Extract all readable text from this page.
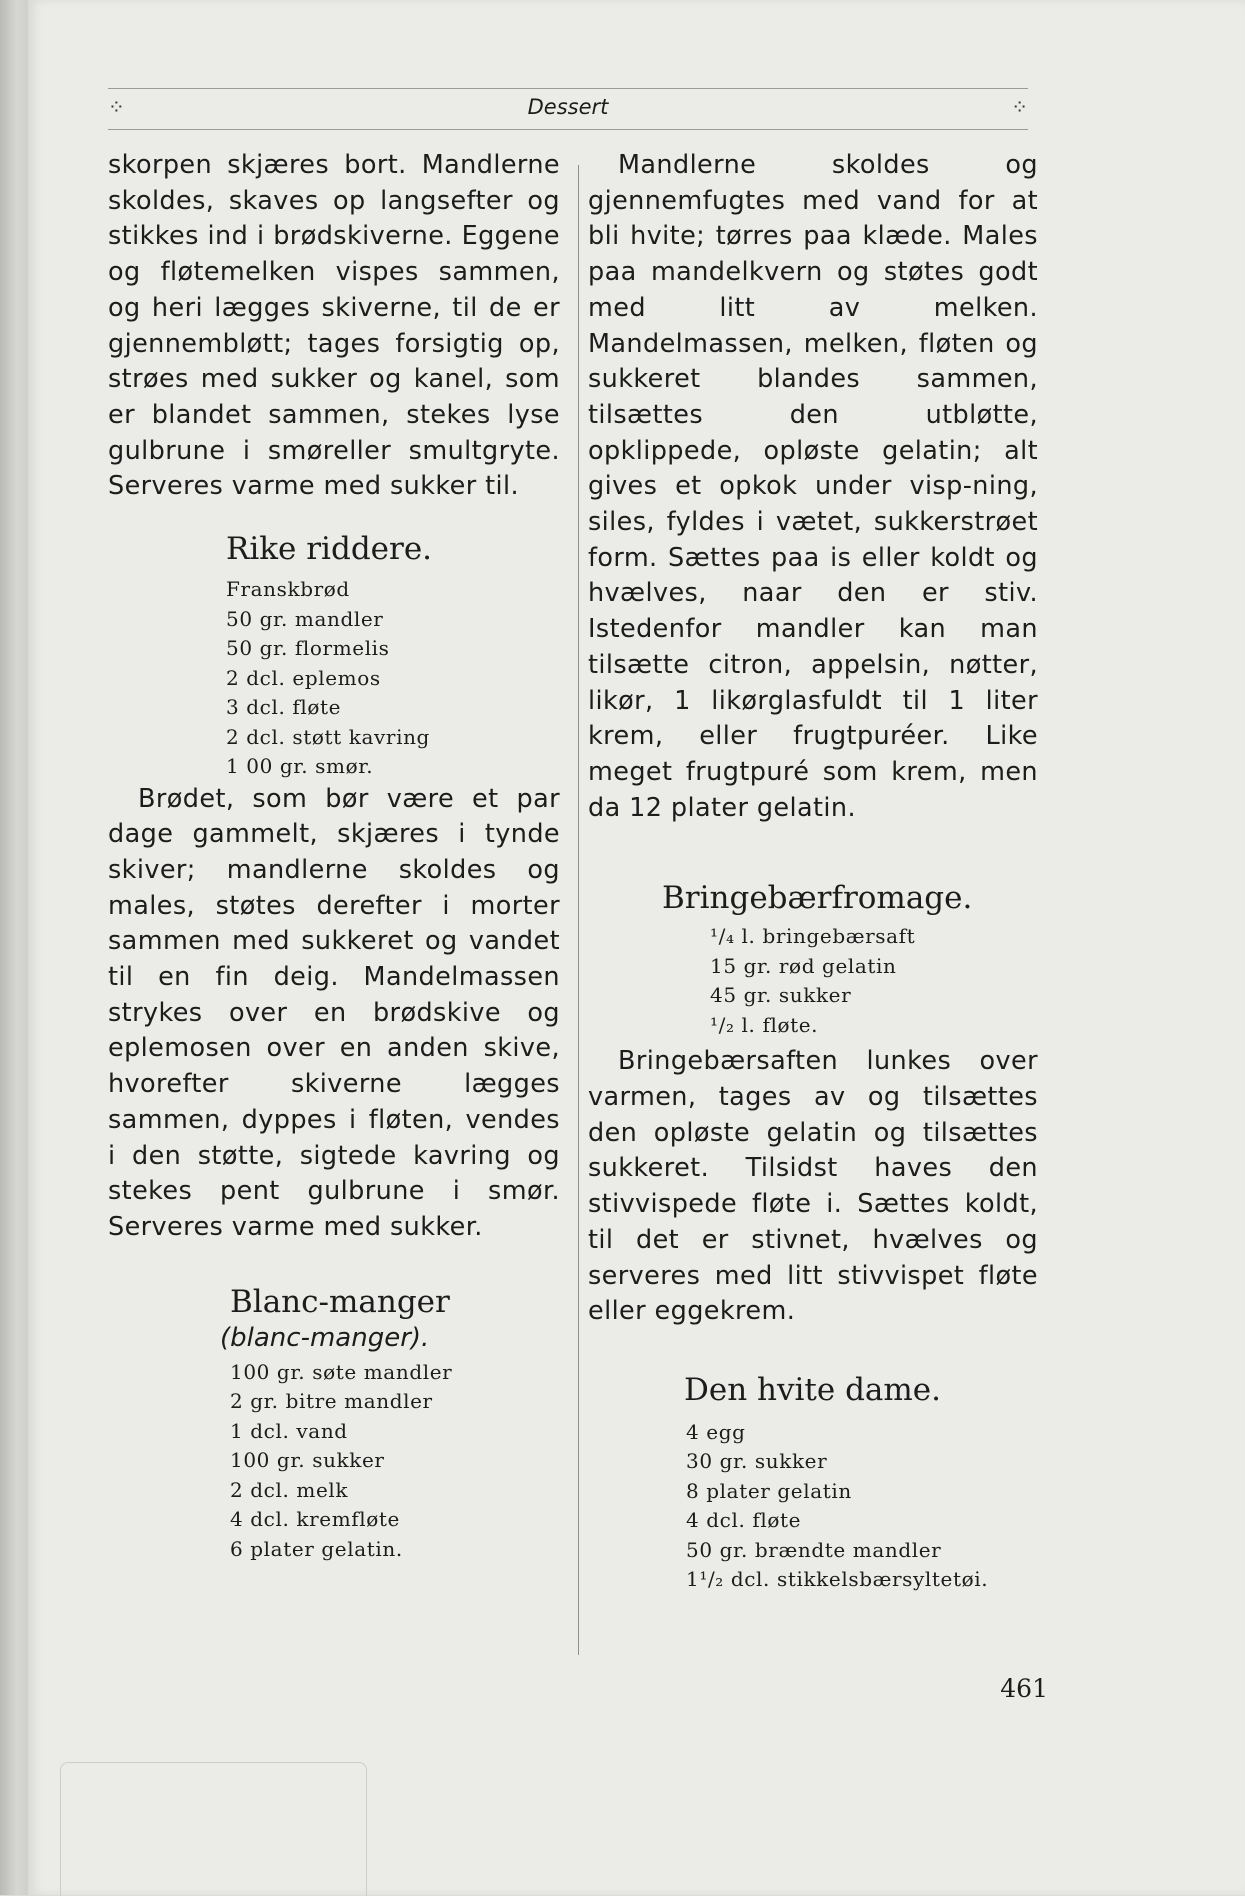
⁘	Dessert	⁘

skorpen skjæres bort. Mandlerne skoldes, skaves op langsefter og stikkes ind i brødskiverne. Eggene og fløtemelken vispes sammen, og heri lægges skiverne, til de er gjennembløtt; tages forsigtig op, strøes med sukker og kanel, som er blandet sammen, stekes lyse gulbrune i smøreller smultgryte. Serveres varme med sukker til.

Rike riddere.
Franskbrød
50 gr. mandler
50 gr. flormelis
2 dcl. eplemos
3 dcl. fløte
2 dcl. støtt kavring
1 00 gr. smør.

Brødet, som bør være et par dage gammelt, skjæres i tynde skiver; mandlerne skoldes og males, støtes derefter i morter sammen med sukkeret og vandet til en fin deig. Mandelmassen strykes over en brødskive og eplemosen over en anden skive, hvorefter skiverne lægges sammen, dyppes i fløten, vendes i den støtte, sigtede kavring og stekes pent gulbrune i smør. Serveres varme med sukker.

Blanc-manger

(blanc-manger).

100 gr. søte mandler
2 gr. bitre mandler
1 dcl. vand
100 gr. sukker
2 dcl. melk
4 dcl. kremfløte
6 plater gelatin.

Mandlerne skoldes og gjennemfugtes med vand for at bli hvite; tørres paa klæde. Males paa mandelkvern og støtes godt med litt av melken. Mandelmassen, melken, fløten og sukkeret blandes sammen, tilsættes den utbløtte, opklippede, opløste gelatin; alt gives et opkok under visp-ning, siles, fyldes i vætet, sukkerstrøet form. Sættes paa is eller koldt og hvælves, naar den er stiv. Istedenfor mandler kan man tilsætte citron, appelsin, nøtter, likør, 1 likørglasfuldt til 1 liter krem, eller frugtpuréer. Like meget frugtpuré som krem, men da 12 plater gelatin.

Bringebærfromage.
¹/₄ l. bringebærsaft
15 gr. rød gelatin
45 gr. sukker
¹/₂ l. fløte.

Bringebærsaften lunkes over varmen, tages av og tilsættes den opløste gelatin og tilsættes sukkeret. Tilsidst haves den stivvispede fløte i. Sættes koldt, til det er stivnet, hvælves og serveres med litt stivvispet fløte eller eggekrem.

Den hvite dame.
4 egg
30 gr. sukker
8 plater gelatin
4 dcl. fløte
50 gr. brændte mandler
1¹/₂ dcl. stikkelsbærsyltetøi.
461
